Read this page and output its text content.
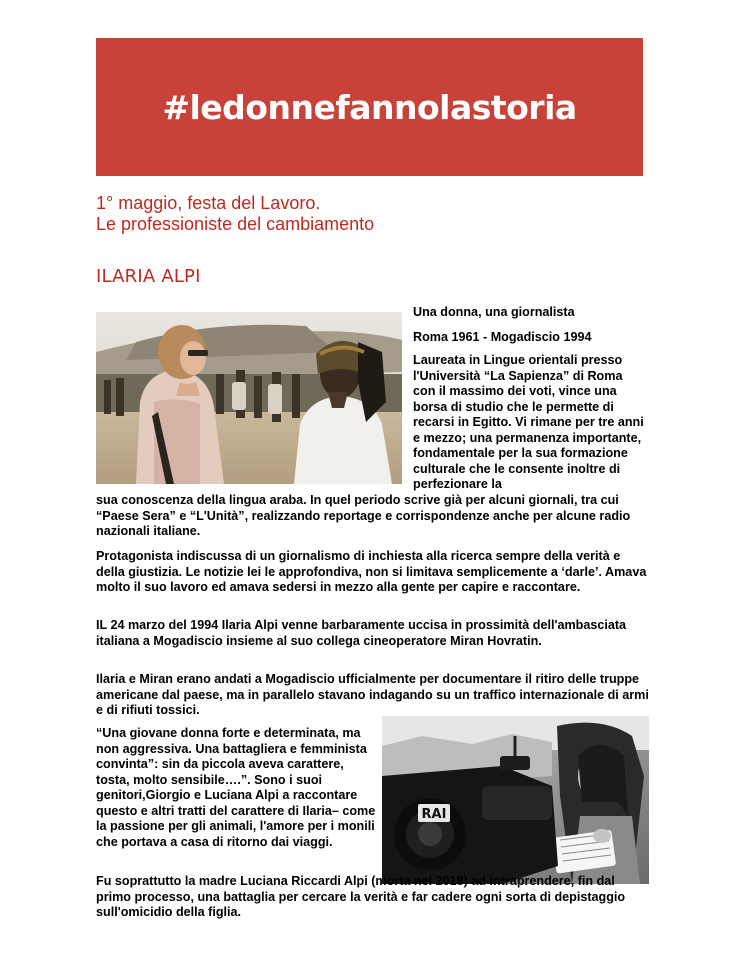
#ledonnefannolastoria
1° maggio, festa del Lavoro.
Le professioniste del cambiamento
ILARIA ALPI
Una donna, una giornalista
Roma 1961 - Mogadiscio 1994
Laureata in Lingue orientali presso l'Università “La Sapienza” di Roma con il massimo dei voti, vince una borsa di studio che le permette di recarsi in Egitto. Vi rimane per tre anni e mezzo; una permanenza importante, fondamentale per la sua formazione culturale che le consente inoltre di perfezionare la
sua conoscenza della lingua araba. In quel periodo scrive già per alcuni giornali, tra cui “Paese Sera” e “L'Unità”, realizzando reportage e corrispondenze anche per alcune radio nazionali italiane.
Protagonista indiscussa di un giornalismo di inchiesta alla ricerca sempre della verità e della giustizia. Le notizie lei le approfondiva, non si limitava semplicemente a ‘darle’. Amava molto il suo lavoro ed amava sedersi in mezzo alla gente per capire e raccontare.
IL 24 marzo del 1994 Ilaria Alpi venne barbaramente uccisa in prossimità dell'ambasciata italiana a Mogadiscio insieme al suo collega cineoperatore Miran Hovratin.
Ilaria e Miran erano andati a Mogadiscio ufficialmente per documentare il ritiro delle truppe americane dal paese, ma in parallelo stavano indagando su un traffico internazionale di armi e di rifiuti tossici.
“Una giovane donna forte e determinata, ma non aggressiva. Una battagliera e femminista convinta”: sin da piccola aveva carattere, tosta, molto sensibile….”. Sono i suoi genitori,Giorgio e Luciana Alpi a raccontare questo e altri tratti del carattere di Ilaria– come la passione per gli animali, l'amore per i monili che portava a casa di ritorno dai viaggi.
RAI
Fu soprattutto la madre Luciana Riccardi Alpi (morta nel 2018) ad intraprendere, fin dal primo processo, una battaglia per cercare la verità e far cadere ogni sorta di depistaggio sull'omicidio della figlia.
